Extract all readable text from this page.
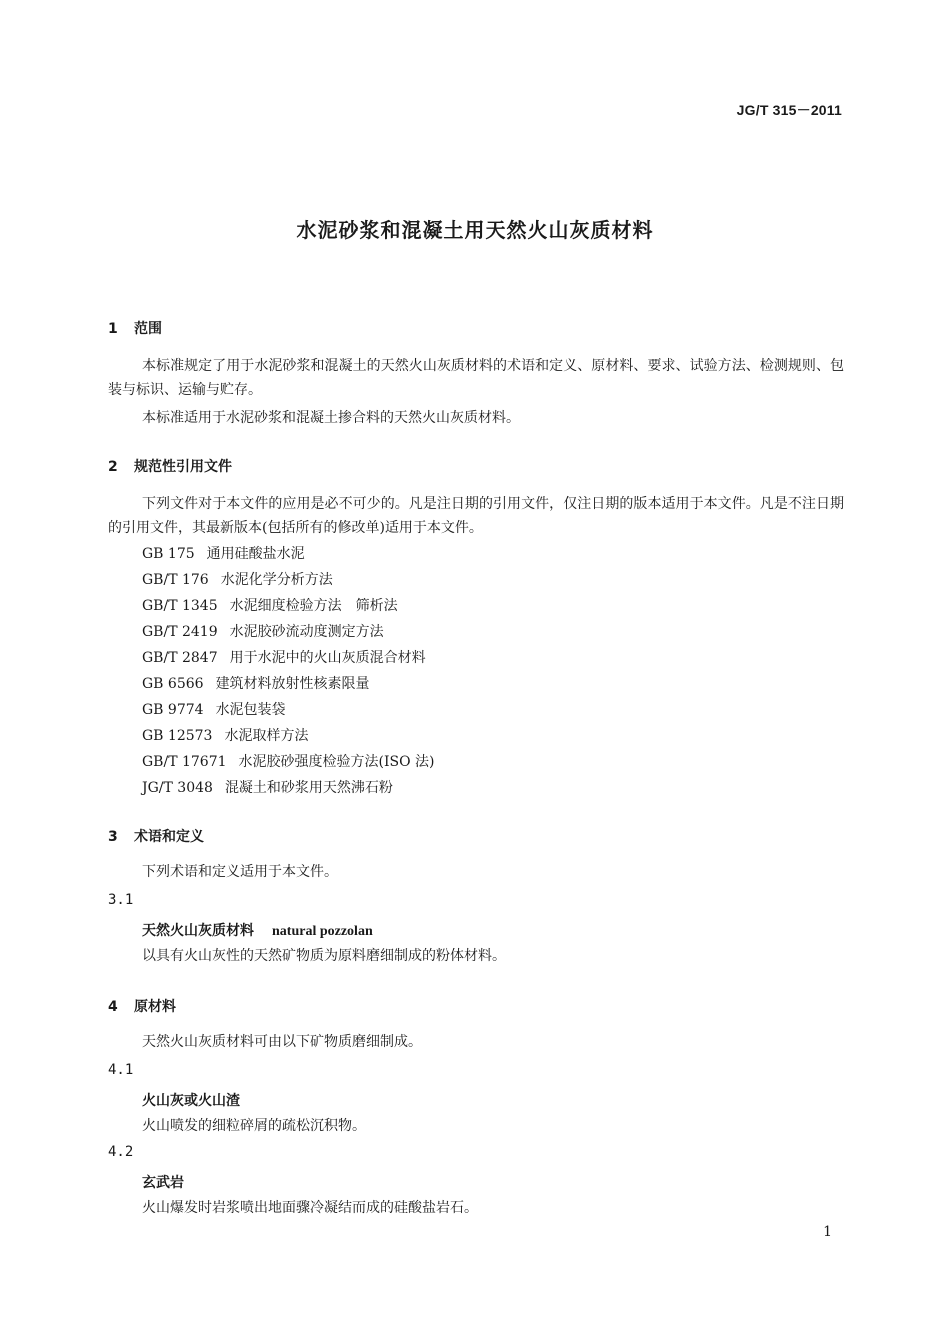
JG/T 315－2011
水泥砂浆和混凝土用天然火山灰质材料
1 范围
本标准规定了用于水泥砂浆和混凝土的天然火山灰质材料的术语和定义、原材料、要求、试验方法、检测规则、包装与标识、运输与贮存。
本标准适用于水泥砂浆和混凝土掺合料的天然火山灰质材料。
2 规范性引用文件
下列文件对于本文件的应用是必不可少的。凡是注日期的引用文件，仅注日期的版本适用于本文件。凡是不注日期的引用文件，其最新版本(包括所有的修改单)适用于本文件。
GB 175 通用硅酸盐水泥
GB/T 176 水泥化学分析方法
GB/T 1345 水泥细度检验方法　筛析法
GB/T 2419 水泥胶砂流动度测定方法
GB/T 2847 用于水泥中的火山灰质混合材料
GB 6566 建筑材料放射性核素限量
GB 9774 水泥包装袋
GB 12573 水泥取样方法
GB/T 17671 水泥胶砂强度检验方法(ISO 法)
JG/T 3048 混凝土和砂浆用天然沸石粉
3 术语和定义
下列术语和定义适用于本文件。
3.1
天然火山灰质材料 natural pozzolan
以具有火山灰性的天然矿物质为原料磨细制成的粉体材料。
4 原材料
天然火山灰质材料可由以下矿物质磨细制成。
4.1
火山灰或火山渣
火山喷发的细粒碎屑的疏松沉积物。
4.2
玄武岩
火山爆发时岩浆喷出地面骤冷凝结而成的硅酸盐岩石。
1
